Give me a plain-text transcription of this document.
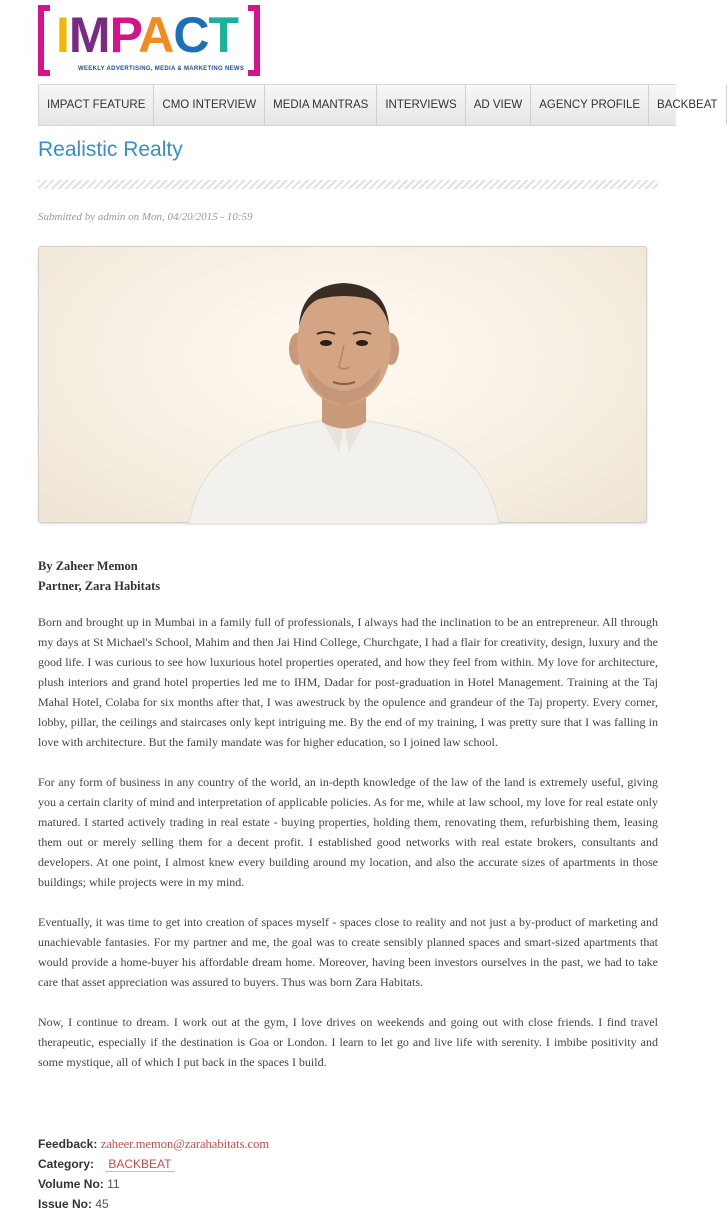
IMPACT
WEEKLY ADVERTISING, MEDIA & MARKETING NEWS
IMPACT FEATURE	CMO INTERVIEW	MEDIA MANTRAS	INTERVIEWS	AD VIEW	AGENCY PROFILE	BACKBEAT
Realistic Realty
Submitted by admin on Mon, 04/20/2015 - 10:59
By Zaheer Memon
Partner, Zara Habitats

Born and brought up in Mumbai in a family full of professionals, I always had the inclination to be an entrepreneur. All through my days at St Michael's School, Mahim and then Jai Hind College, Churchgate, I had a flair for creativity, design, luxury and the good life. I was curious to see how luxurious hotel properties operated, and how they feel from within. My love for architecture, plush interiors and grand hotel properties led me to IHM, Dadar for post-graduation in Hotel Management. Training at the Taj Mahal Hotel, Colaba for six months after that, I was awestruck by the opulence and grandeur of the Taj property. Every corner, lobby, pillar, the ceilings and staircases only kept intriguing me. By the end of my training, I was pretty sure that I was falling in love with architecture. But the family mandate was for higher education, so I joined law school.

For any form of business in any country of the world, an in-depth knowledge of the law of the land is extremely useful, giving you a certain clarity of mind and interpretation of applicable policies. As for me, while at law school, my love for real estate only matured. I started actively trading in real estate - buying properties, holding them, renovating them, refurbishing them, leasing them out or merely selling them for a decent profit. I established good networks with real estate brokers, consultants and developers. At one point, I almost knew every building around my location, and also the accurate sizes of apartments in those buildings; while projects were in my mind.

Eventually, it was time to get into creation of spaces myself - spaces close to reality and not just a by-product of marketing and unachievable fantasies. For my partner and me, the goal was to create sensibly planned spaces and smart-sized apartments that would provide a home-buyer his affordable dream home. Moreover, having been investors ourselves in the past, we had to take care that asset appreciation was assured to buyers. Thus was born Zara Habitats.

Now, I continue to dream. I work out at the gym, I love drives on weekends and going out with close friends. I find travel therapeutic, especially if the destination is Goa or London. I learn to let go and live life with serenity. I imbibe positivity and some mystique, all of which I put back in the spaces I build.

Feedback: zaheer.memon@zarahabitats.com
Category: BACKBEAT
Volume No: 11
Issue No: 45
